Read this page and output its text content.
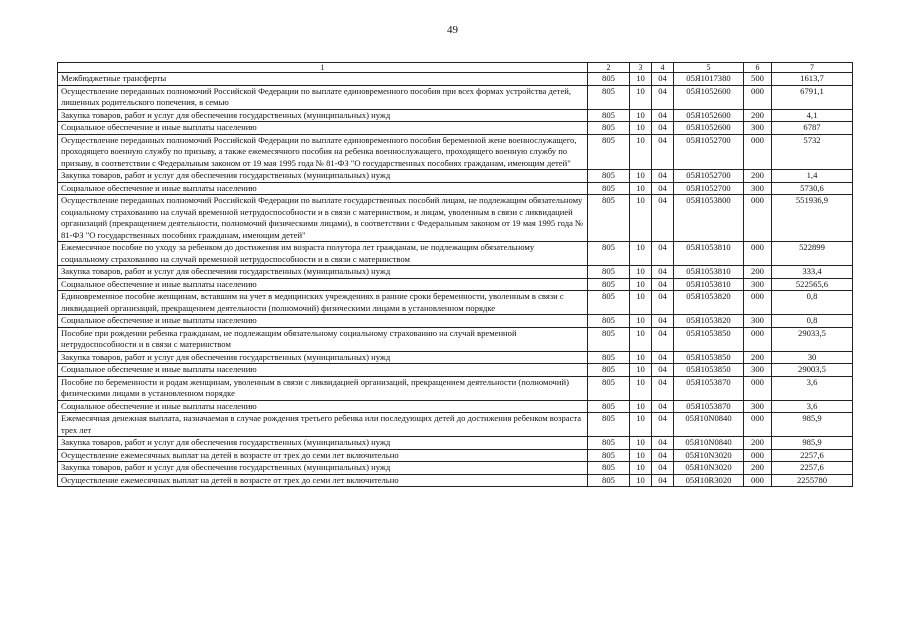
49
1	2	3	4	5	6	7
Межбюджетные трансферты	805	10	04	05Я1017380	500	1613,7
Осуществление переданных полномочий Российской Федерации по выплате единовременного пособия при всех формах устройства детей, лишенных родительского попечения, в семью	805	10	04	05Я1052600	000	6791,1
Закупка товаров, работ и услуг для обеспечения государственных (муниципальных) нужд	805	10	04	05Я1052600	200	4,1
Социальное обеспечение и иные выплаты населению	805	10	04	05Я1052600	300	6787
Осуществление переданных полномочий Российской Федерации по выплате единовременного пособия беременной жене военнослужащего, проходящего военную службу по призыву, а также ежемесячного пособия на ребенка военнослужащего, проходящего военную службу по призыву, в соответствии с Федеральным законом от 19 мая 1995 года № 81-ФЗ "О государственных пособиях гражданам, имеющим детей"	805	10	04	05Я1052700	000	5732
Закупка товаров, работ и услуг для обеспечения государственных (муниципальных) нужд	805	10	04	05Я1052700	200	1,4
Социальное обеспечение и иные выплаты населению	805	10	04	05Я1052700	300	5730,6
Осуществление переданных полномочий Российской Федерации по выплате государственных пособий лицам, не подлежащим обязательному социальному страхованию на случай временной нетрудоспособности и в связи с материнством, и лицам, уволенным в связи с ликвидацией организаций (прекращением деятельности, полномочий физическими лицами), в соответствии с Федеральным законом от 19 мая 1995 года № 81-ФЗ "О государственных пособиях гражданам, имеющим детей"	805	10	04	05Я1053800	000	551936,9
Ежемесячное пособие по уходу за ребенком до достижения им возраста полутора лет гражданам, не подлежащим обязательному социальному страхованию на случай временной нетрудоспособности и в связи с материнством	805	10	04	05Я1053810	000	522899
Закупка товаров, работ и услуг для обеспечения государственных (муниципальных) нужд	805	10	04	05Я1053810	200	333,4
Социальное обеспечение и иные выплаты населению	805	10	04	05Я1053810	300	522565,6
Единовременное пособие женщинам, вставшим на учет в медицинских учреждениях в ранние сроки беременности, уволенным в связи с ликвидацией организаций, прекращением деятельности (полномочий) физическими лицами в установленном порядке	805	10	04	05Я1053820	000	0,8
Социальное обеспечение и иные выплаты населению	805	10	04	05Я1053820	300	0,8
Пособие при рождении ребенка гражданам, не подлежащим обязательному социальному страхованию на случай временной нетрудоспособности и в связи с материнством	805	10	04	05Я1053850	000	29033,5
Закупка товаров, работ и услуг для обеспечения государственных (муниципальных) нужд	805	10	04	05Я1053850	200	30
Социальное обеспечение и иные выплаты населению	805	10	04	05Я1053850	300	29003,5
Пособие по беременности и родам женщинам, уволенным в связи с ликвидацией организаций, прекращением деятельности (полномочий) физическими лицами в установленном порядке	805	10	04	05Я1053870	000	3,6
Социальное обеспечение и иные выплаты населению	805	10	04	05Я1053870	300	3,6
Ежемесячная денежная выплата, назначаемая в случае рождения третьего ребенка или последующих детей до достижения ребенком возраста трех лет	805	10	04	05Я10N0840	000	985,9
Закупка товаров, работ и услуг для обеспечения государственных (муниципальных) нужд	805	10	04	05Я10N0840	200	985,9
Осуществление ежемесячных выплат на детей в возрасте от трех до семи лет включительно	805	10	04	05Я10N3020	000	2257,6
Закупка товаров, работ и услуг для обеспечения государственных (муниципальных) нужд	805	10	04	05Я10N3020	200	2257,6
Осуществление ежемесячных выплат на детей в возрасте от трех до семи лет включительно	805	10	04	05Я10R3020	000	2255780
